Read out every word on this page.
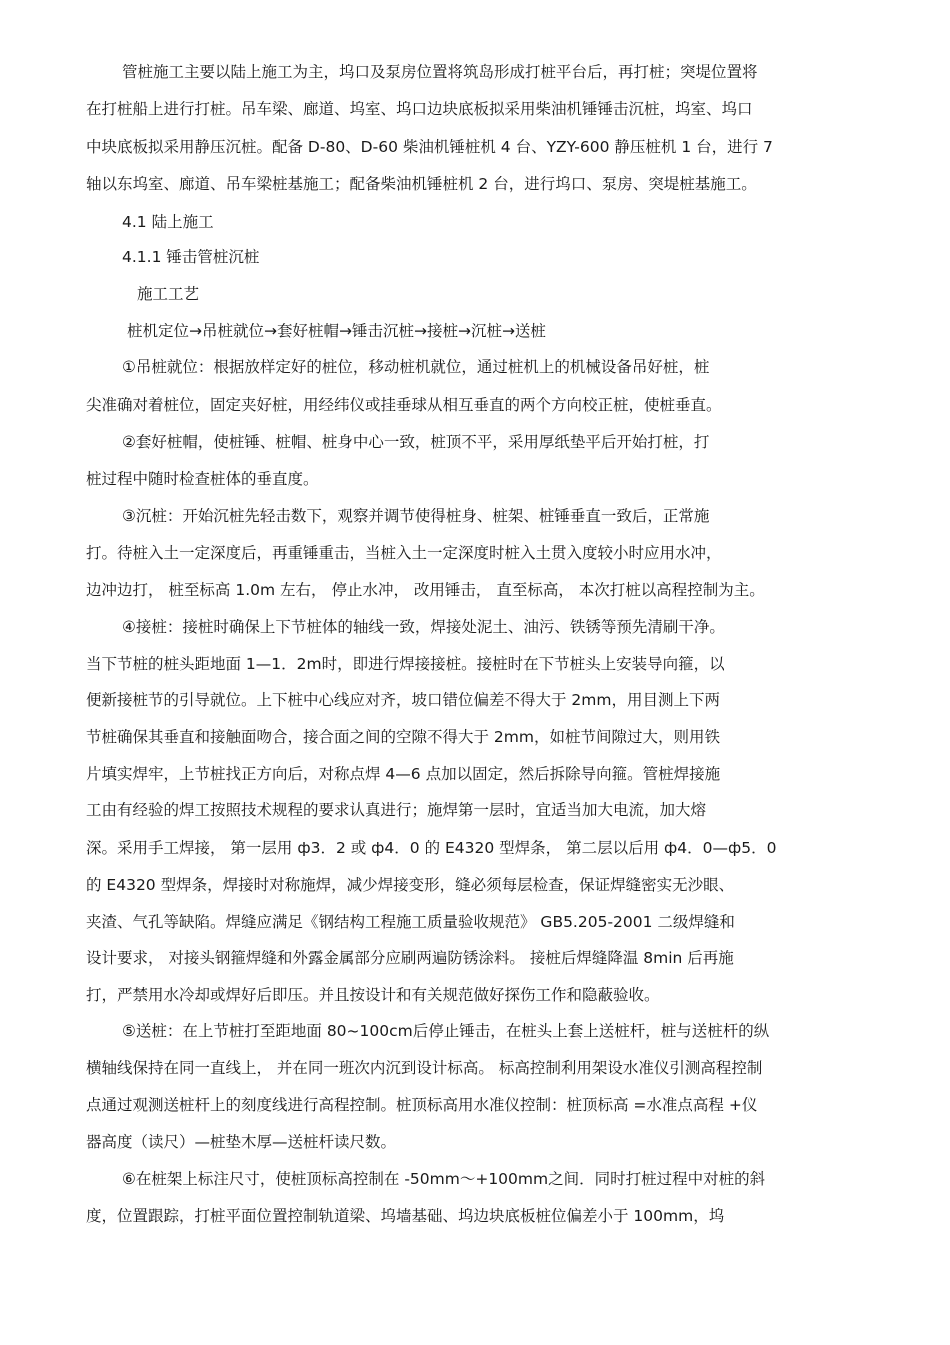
管桩施工主要以陆上施工为主，坞口及泵房位置将筑岛形成打桩平台后，再打桩；突堤位置将
在打桩船上进行打桩。吊车梁、廊道、坞室、坞口边块底板拟采用柴油机锤锤击沉桩，坞室、坞口
中块底板拟采用静压沉桩。配备 D-80、D-60 柴油机锤桩机 4 台、YZY-600 静压桩机 1 台，进行 7
轴以东坞室、廊道、吊车梁桩基施工；配备柴油机锤桩机 2 台，进行坞口、泵房、突堤桩基施工。
4.1 陆上施工
4.1.1 锤击管桩沉桩
施工工艺
桩机定位→吊桩就位→套好桩帽→锤击沉桩→接桩→沉桩→送桩
①吊桩就位：根据放样定好的桩位，移动桩机就位，通过桩机上的机械设备吊好桩，桩
尖准确对着桩位，固定夹好桩，用经纬仪或挂垂球从相互垂直的两个方向校正桩，使桩垂直。
②套好桩帽，使桩锤、桩帽、桩身中心一致，桩顶不平，采用厚纸垫平后开始打桩，打
桩过程中随时检查桩体的垂直度。
③沉桩：开始沉桩先轻击数下，观察并调节使得桩身、桩架、桩锤垂直一致后，正常施
打。待桩入土一定深度后，再重锤重击，当桩入土一定深度时桩入土贯入度较小时应用水冲，
边冲边打， 桩至标高 1.0m 左右， 停止水冲， 改用锤击， 直至标高， 本次打桩以高程控制为主。
④接桩：接桩时确保上下节桩体的轴线一致，焊接处泥土、油污、铁锈等预先清刷干净。
当下节桩的桩头距地面 1—1．2m时，即进行焊接接桩。接桩时在下节桩头上安装导向箍，以
便新接桩节的引导就位。上下桩中心线应对齐，坡口错位偏差不得大于 2mm，用目测上下两
节桩确保其垂直和接触面吻合，接合面之间的空隙不得大于 2mm，如桩节间隙过大，则用铁
片填实焊牢，上节桩找正方向后，对称点焊 4—6 点加以固定，然后拆除导向箍。管桩焊接施
工由有经验的焊工按照技术规程的要求认真进行；施焊第一层时，宜适当加大电流，加大熔
深。采用手工焊接， 第一层用 ф3．2 或 ф4．0 的 E4320 型焊条， 第二层以后用 ф4．0—ф5．0
的 E4320 型焊条，焊接时对称施焊，减少焊接变形，缝必须每层检查，保证焊缝密实无沙眼、
夹渣、气孔等缺陷。焊缝应满足《钢结构工程施工质量验收规范》 GB5.205-2001 二级焊缝和
设计要求， 对接头钢箍焊缝和外露金属部分应刷两遍防锈涂料。 接桩后焊缝降温 8min 后再施
打，严禁用水冷却或焊好后即压。并且按设计和有关规范做好探伤工作和隐蔽验收。
⑤送桩：在上节桩打至距地面 80~100cm后停止锤击，在桩头上套上送桩杆，桩与送桩杆的纵
横轴线保持在同一直线上， 并在同一班次内沉到设计标高。 标高控制利用架设水准仪引测高程控制
点通过观测送桩杆上的刻度线进行高程控制。桩顶标高用水准仪控制：桩顶标高 =水准点高程 +仪
器高度（读尺）—桩垫木厚—送桩杆读尺数。
⑥在桩架上标注尺寸，使桩顶标高控制在 -50mm～+100mm之间．同时打桩过程中对桩的斜
度，位置跟踪，打桩平面位置控制轨道梁、坞墙基础、坞边块底板桩位偏差小于 100mm，坞
